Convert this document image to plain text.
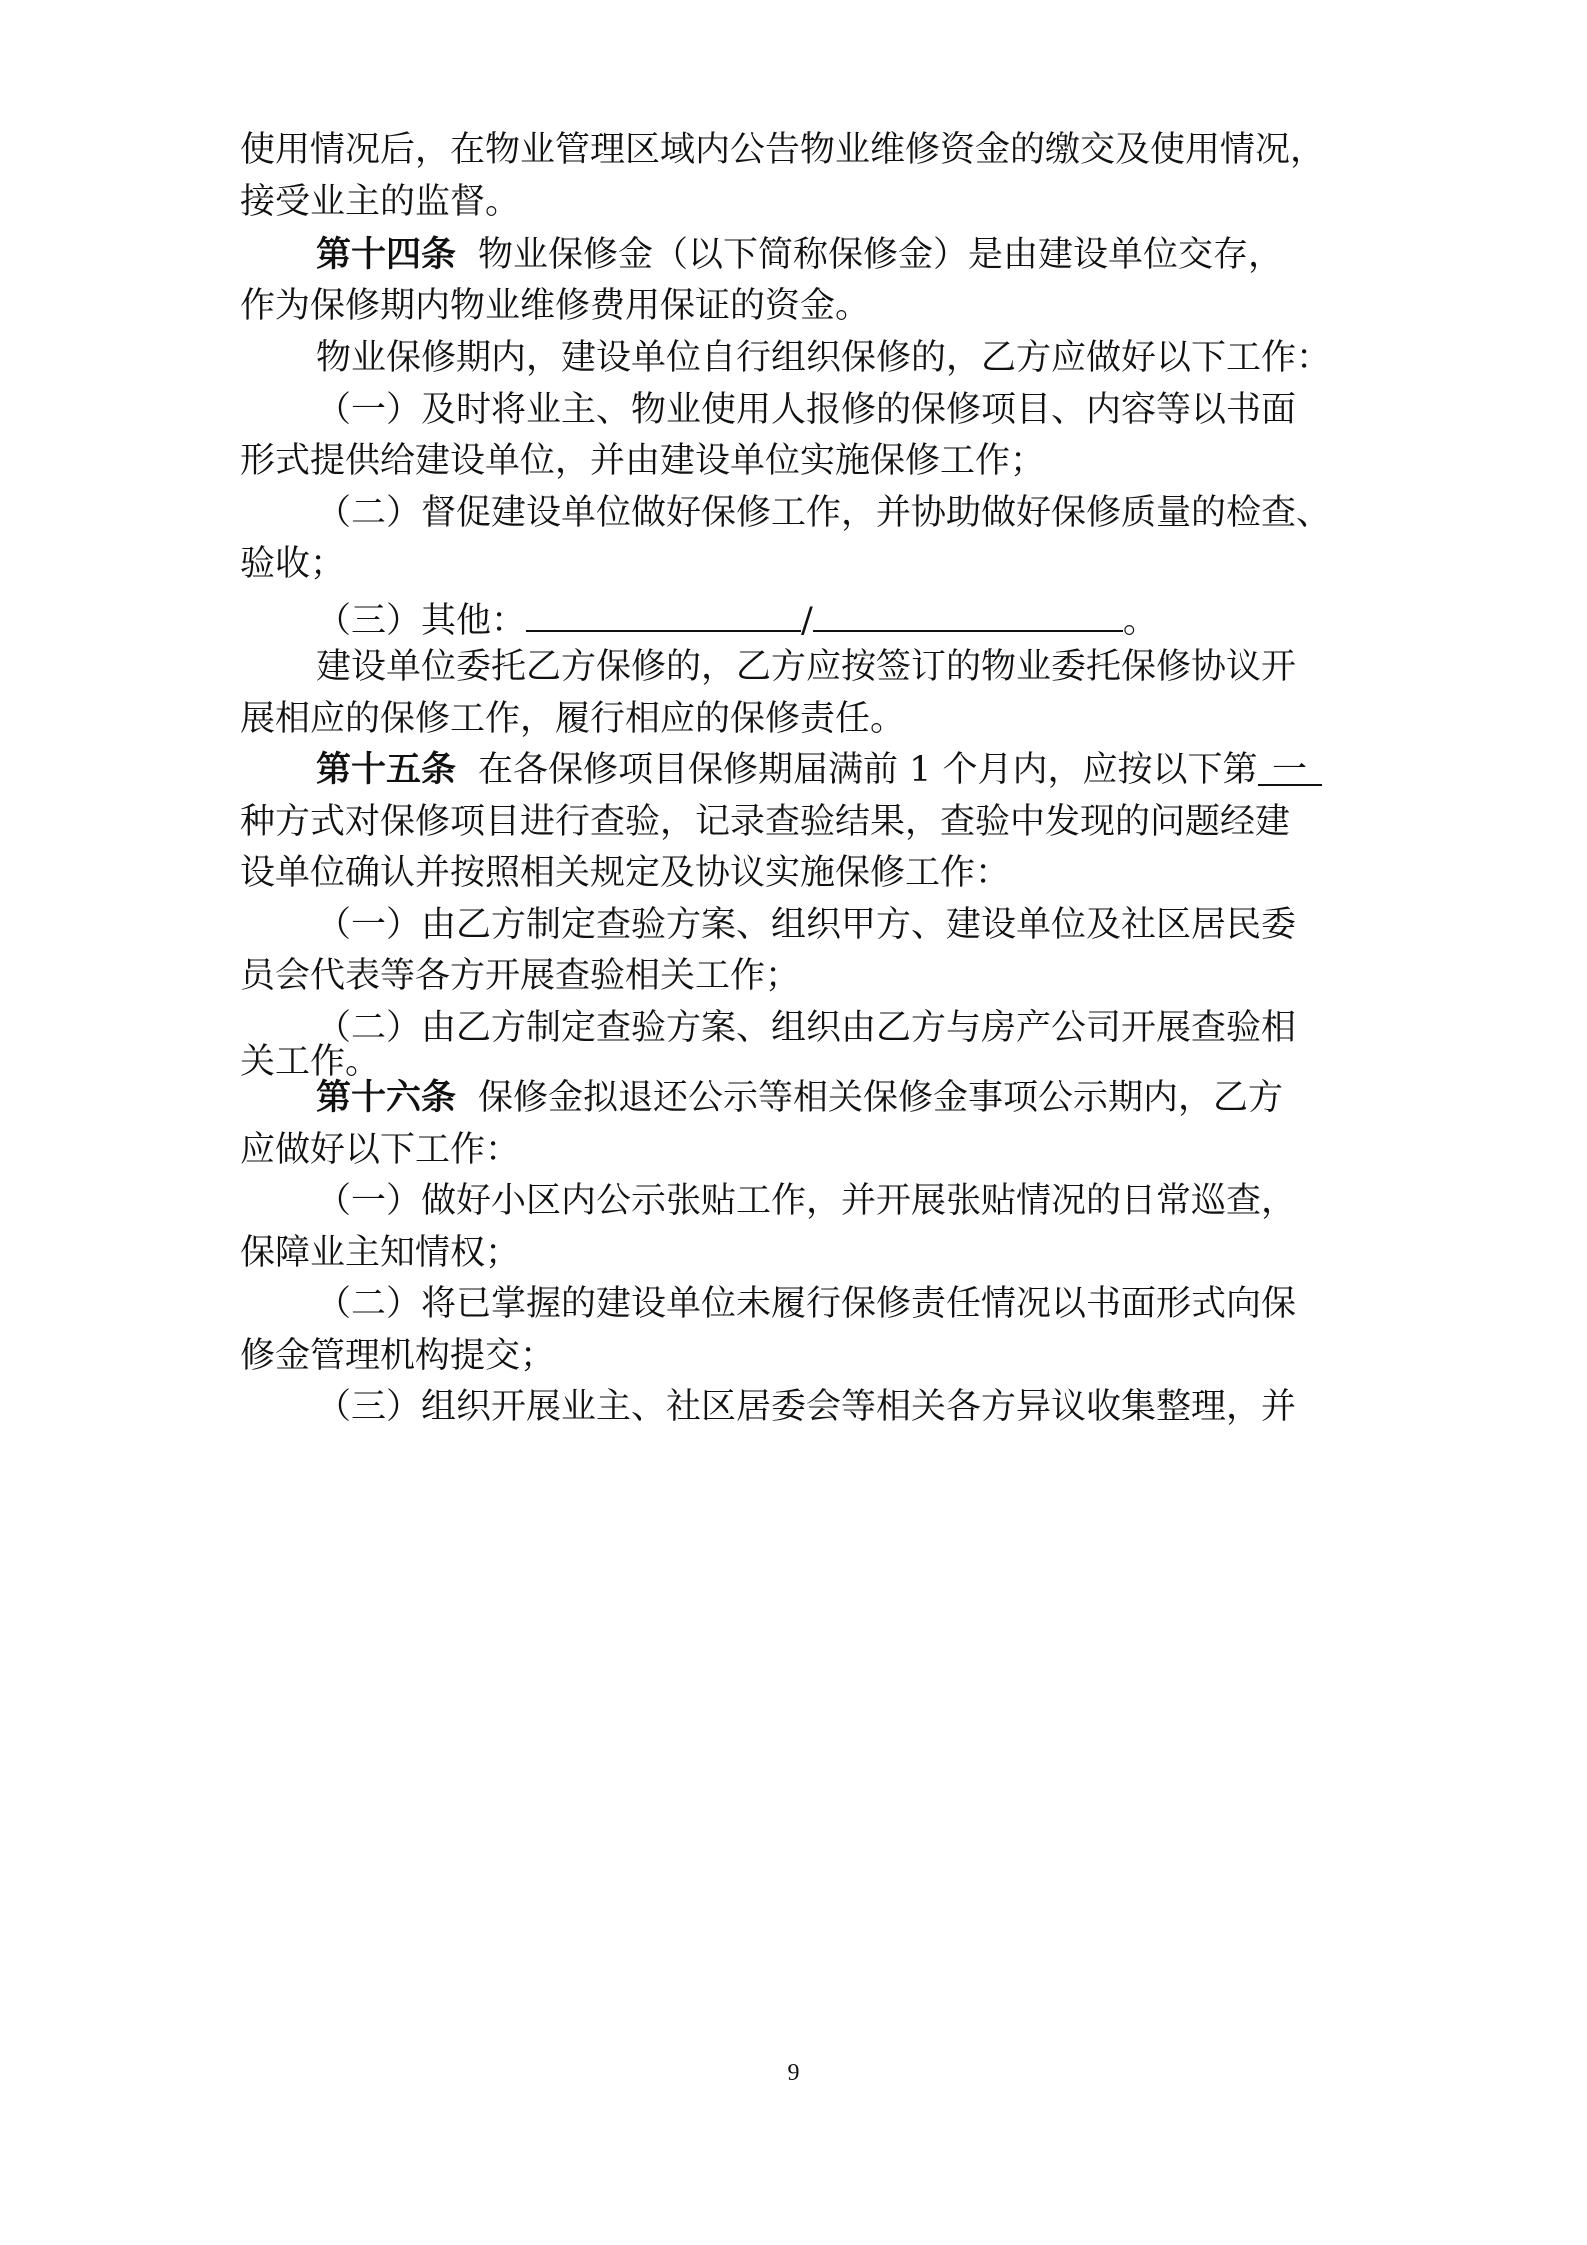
使用情况后，在物业管理区域内公告物业维修资金的缴交及使用情况，
接受业主的监督。
第十四条 物业保修金（以下简称保修金）是由建设单位交存，
作为保修期内物业维修费用保证的资金。
物业保修期内，建设单位自行组织保修的，乙方应做好以下工作：
（一）及时将业主、物业使用人报修的保修项目、内容等以书面
形式提供给建设单位，并由建设单位实施保修工作；
（二）督促建设单位做好保修工作，并协助做好保修质量的检查、
验收；
（三）其他：	/	。
建设单位委托乙方保修的，乙方应按签订的物业委托保修协议开
展相应的保修工作，履行相应的保修责任。
第十五条 在各保修项目保修期届满前 1 个月内，应按以下第 一
种方式对保修项目进行查验，记录查验结果，查验中发现的问题经建
设单位确认并按照相关规定及协议实施保修工作：
（一）由乙方制定查验方案、组织甲方、建设单位及社区居民委
员会代表等各方开展查验相关工作；
（二）由乙方制定查验方案、组织由乙方与房产公司开展查验相
关工作。
第十六条 保修金拟退还公示等相关保修金事项公示期内，乙方
应做好以下工作：
（一）做好小区内公示张贴工作，并开展张贴情况的日常巡查，
保障业主知情权；
（二）将已掌握的建设单位未履行保修责任情况以书面形式向保
修金管理机构提交；
（三）组织开展业主、社区居委会等相关各方异议收集整理，并
9
